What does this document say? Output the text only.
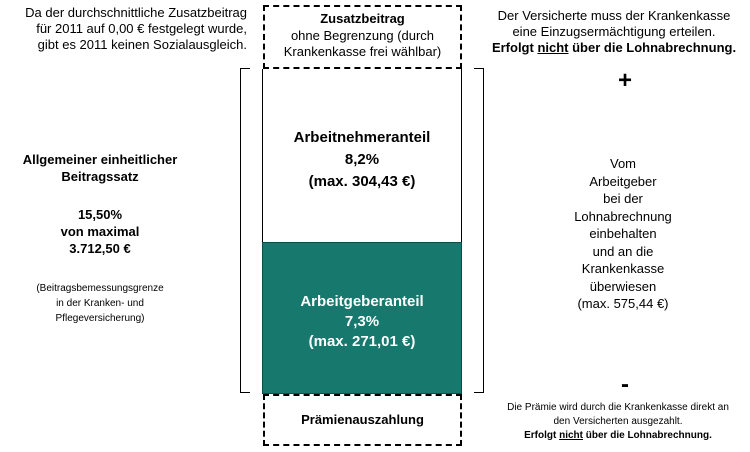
Da der durchschnittliche Zusatzbeitrag
für 2011 auf 0,00 € festgelegt wurde,
gibt es 2011 keinen Sozialausgleich.
Allgemeiner einheitlicher
Beitragssatz
15,50%
von maximal
3.712,50 €
(Beitragsbemessungsgrenze
in der Kranken- und
Pflegeversicherung)
Zusatzbeitrag
ohne Begrenzung (durch
Krankenkasse frei wählbar)
Arbeitnehmeranteil
8,2%
(max. 304,43 €)
Arbeitgeberanteil
7,3%
(max. 271,01 €)
Prämienauszahlung
Der Versicherte muss der Krankenkasse
eine Einzugsermächtigung erteilen.
Erfolgt nicht über die Lohnabrechnung.
+
Vom
Arbeitgeber
bei der
Lohnabrechnung
einbehalten
und an die
Krankenkasse
überwiesen
(max. 575,44 €)
-
Die Prämie wird durch die Krankenkasse direkt an
den Versicherten ausgezahlt.
Erfolgt nicht über die Lohnabrechnung.
